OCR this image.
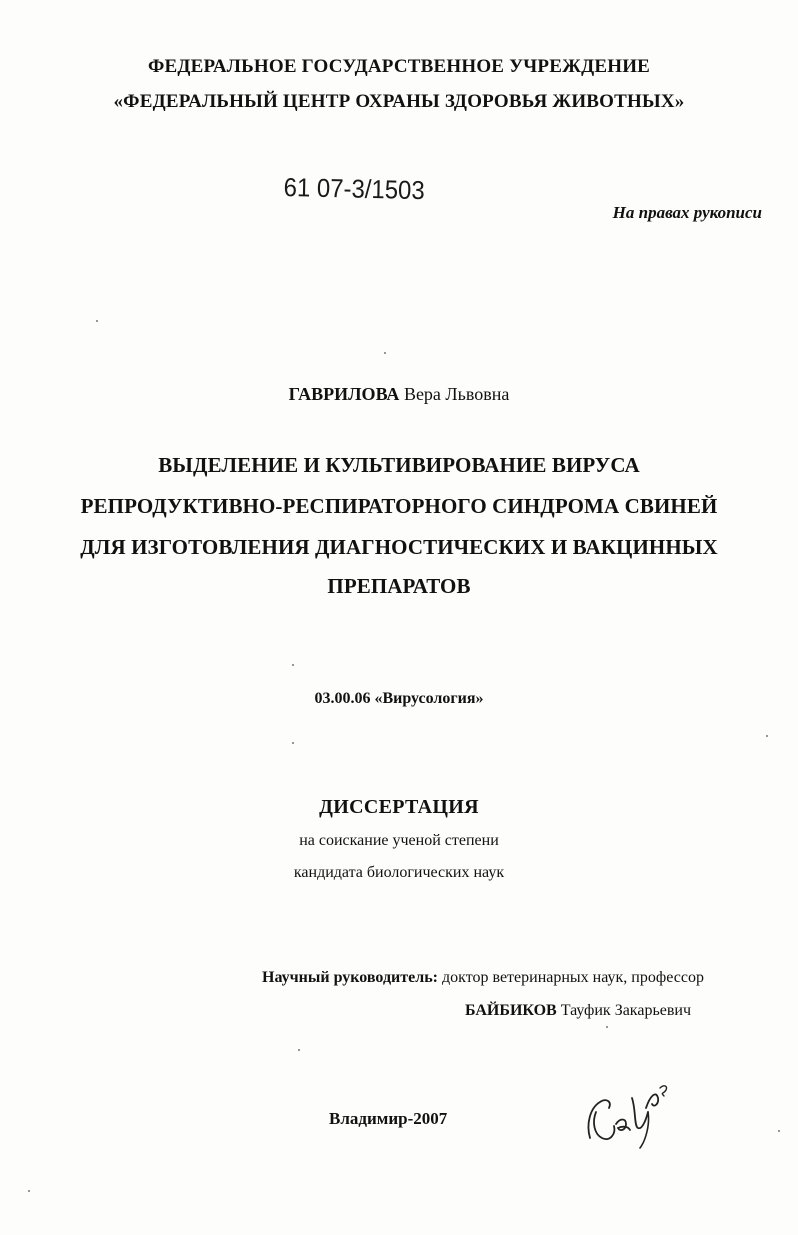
ФЕДЕРАЛЬНОЕ ГОСУДАРСТВЕННОЕ УЧРЕЖДЕНИЕ
«ФЕДЕРАЛЬНЫЙ ЦЕНТР ОХРАНЫ ЗДОРОВЬЯ ЖИВОТНЫХ»
61 07-3/1503
На правах рукописи
ГАВРИЛОВА Вера Львовна
ВЫДЕЛЕНИЕ И КУЛЬТИВИРОВАНИЕ ВИРУСА
РЕПРОДУКТИВНО-РЕСПИРАТОРНОГО СИНДРОМА СВИНЕЙ
ДЛЯ ИЗГОТОВЛЕНИЯ ДИАГНОСТИЧЕСКИХ И ВАКЦИННЫХ
ПРЕПАРАТОВ
03.00.06 «Вирусология»
ДИССЕРТАЦИЯ
на соискание ученой степени
кандидата биологических наук
Научный руководитель: доктор ветеринарных наук, профессор
БАЙБИКОВ Тауфик Закарьевич
Владимир-2007
